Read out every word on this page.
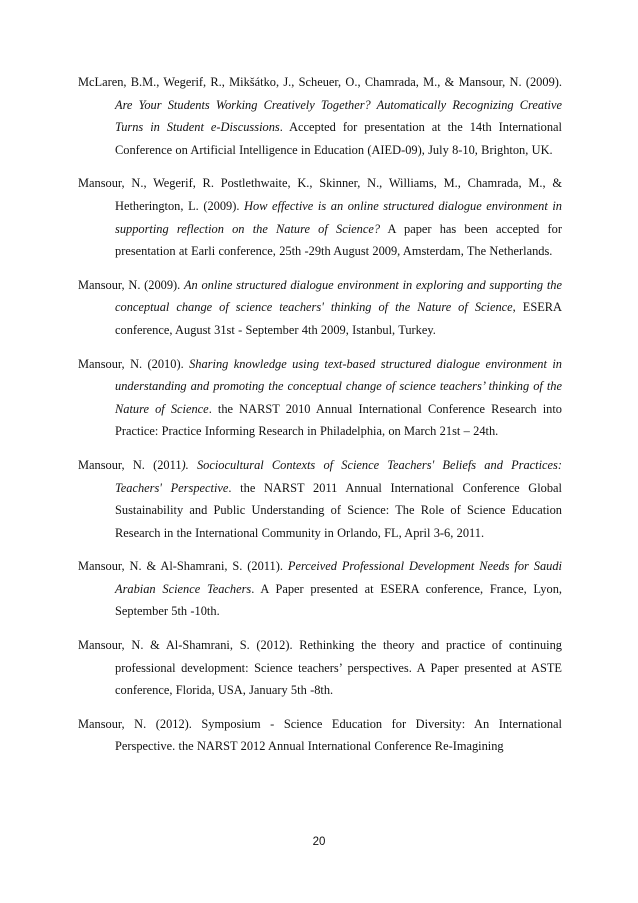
McLaren, B.M., Wegerif, R., Mikšátko, J., Scheuer, O., Chamrada, M., & Mansour, N. (2009). Are Your Students Working Creatively Together? Automatically Recognizing Creative Turns in Student e-Discussions. Accepted for presentation at the 14th International Conference on Artificial Intelligence in Education (AIED-09), July 8-10, Brighton, UK.

Mansour, N., Wegerif, R. Postlethwaite, K., Skinner, N., Williams, M., Chamrada, M., & Hetherington, L. (2009). How effective is an online structured dialogue environment in supporting reflection on the Nature of Science? A paper has been accepted for presentation at Earli conference, 25th -29th August 2009, Amsterdam, The Netherlands.

Mansour, N. (2009). An online structured dialogue environment in exploring and supporting the conceptual change of science teachers' thinking of the Nature of Science, ESERA conference, August 31st - September 4th 2009, Istanbul, Turkey.

Mansour, N. (2010). Sharing knowledge using text-based structured dialogue environment in understanding and promoting the conceptual change of science teachers’ thinking of the Nature of Science. the NARST 2010 Annual International Conference Research into Practice: Practice Informing Research in Philadelphia, on March 21st – 24th.

Mansour, N. (2011). Sociocultural Contexts of Science Teachers' Beliefs and Practices: Teachers' Perspective. the NARST 2011 Annual International Conference Global Sustainability and Public Understanding of Science: The Role of Science Education Research in the International Community in Orlando, FL, April 3-6, 2011.

Mansour, N. & Al-Shamrani, S. (2011). Perceived Professional Development Needs for Saudi Arabian Science Teachers. A Paper presented at ESERA conference, France, Lyon, September 5th -10th.

Mansour, N. & Al-Shamrani, S. (2012). Rethinking the theory and practice of continuing professional development: Science teachers’ perspectives. A Paper presented at ASTE conference, Florida, USA, January 5th -8th.

Mansour, N. (2012). Symposium - Science Education for Diversity: An International Perspective. the NARST 2012 Annual International Conference Re-Imagining

20
